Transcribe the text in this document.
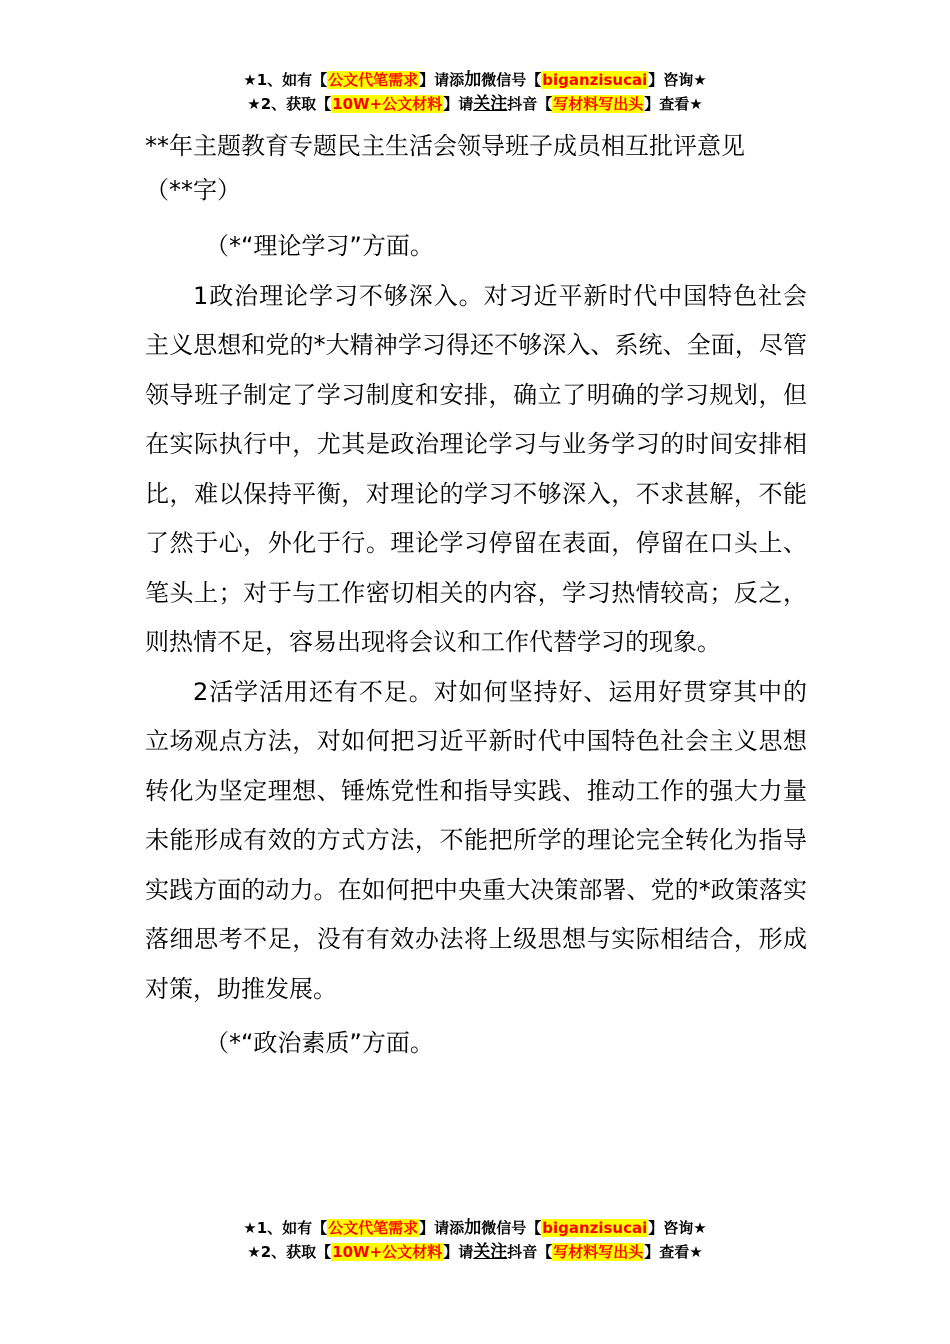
★1、如有【公文代笔需求】请添加微信号【biganzisucai】咨询★
★2、获取【10W+公文材料】请关注抖音【写材料写出头】查看★
**年主题教育专题民主生活会领导班子成员相互批评意见

（**字）

（*“理论学习”方面。

1政治理论学习不够深入。对习近平新时代中国特色社会主义思想和党的*大精神学习得还不够深入、系统、全面，尽管领导班子制定了学习制度和安排，确立了明确的学习规划，但在实际执行中，尤其是政治理论学习与业务学习的时间安排相比，难以保持平衡，对理论的学习不够深入，不求甚解，不能了然于心，外化于行。理论学习停留在表面，停留在口头上、笔头上；对于与工作密切相关的内容，学习热情较高；反之，则热情不足，容易出现将会议和工作代替学习的现象。

2活学活用还有不足。对如何坚持好、运用好贯穿其中的立场观点方法，对如何把习近平新时代中国特色社会主义思想转化为坚定理想、锤炼党性和指导实践、推动工作的强大力量未能形成有效的方式方法，不能把所学的理论完全转化为指导实践方面的动力。在如何把中央重大决策部署、党的*政策落实落细思考不足，没有有效办法将上级思想与实际相结合，形成对策，助推发展。

（*“政治素质”方面。

★1、如有【公文代笔需求】请添加微信号【biganzisucai】咨询★
★2、获取【10W+公文材料】请关注抖音【写材料写出头】查看★
